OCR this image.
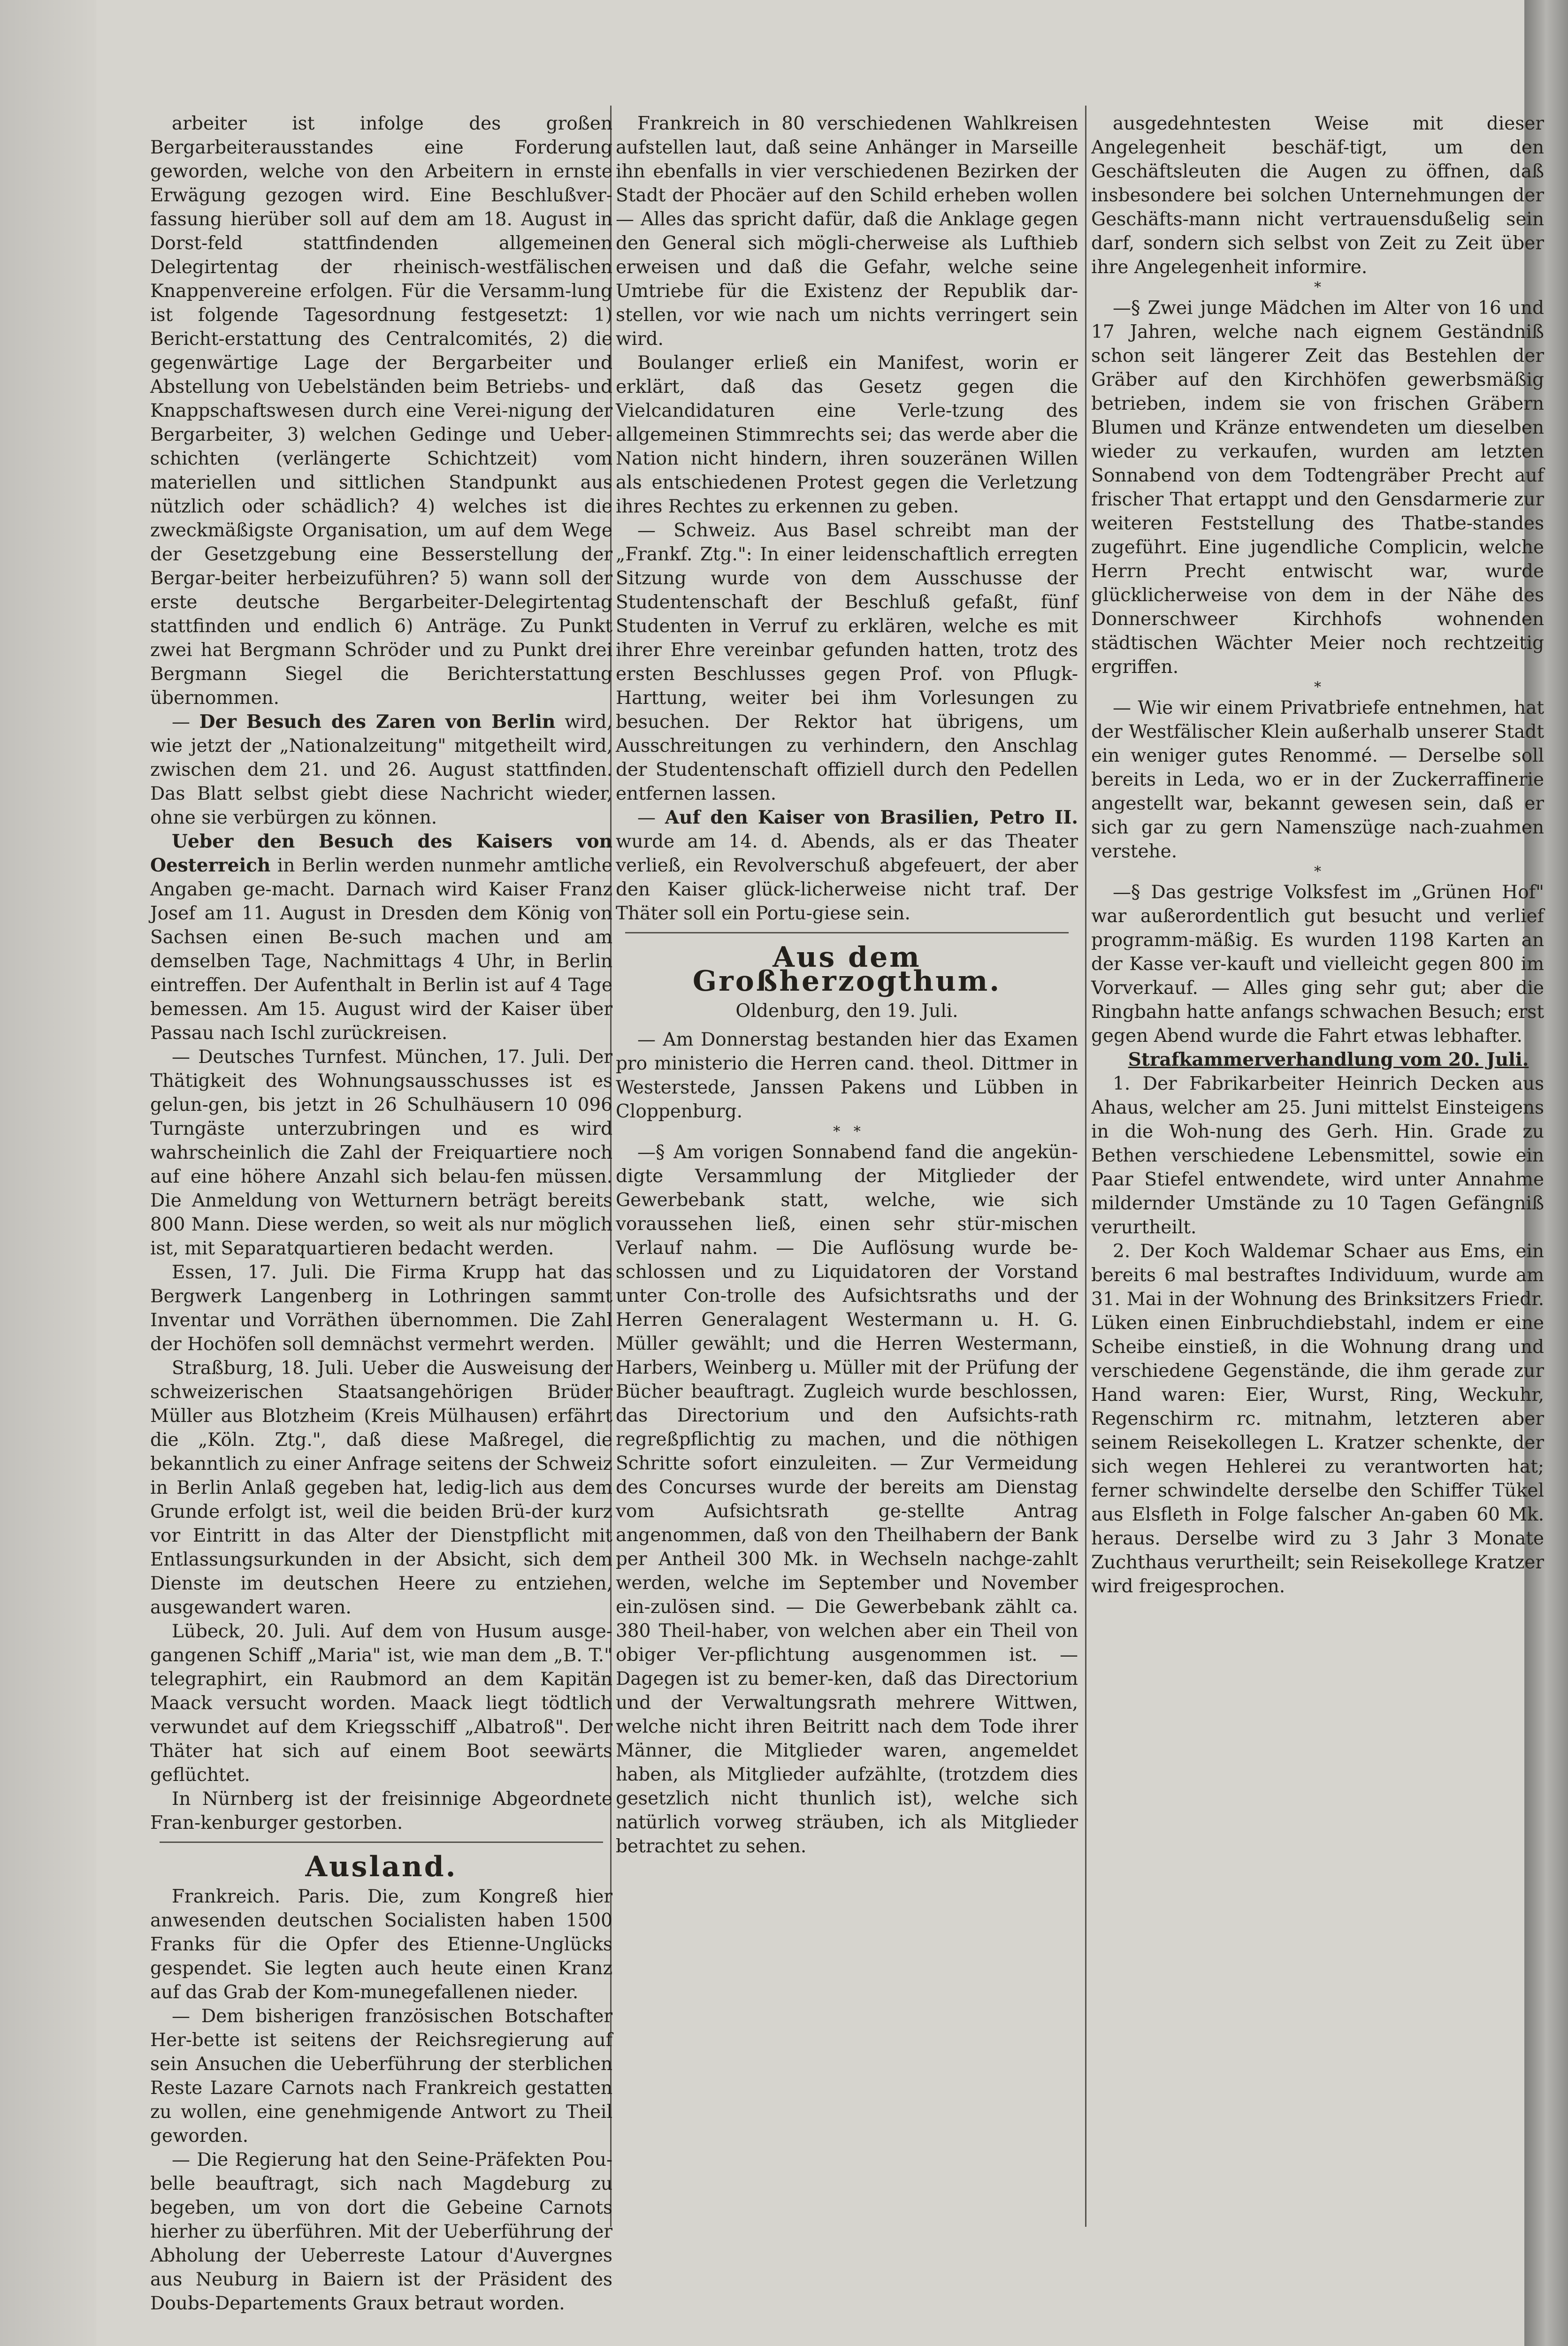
arbeiter ist infolge des großen Bergarbeiterausstandes eine Forderung geworden, welche von den Arbeitern in ernste Erwägung gezogen wird. Eine Beschlußver-fassung hierüber soll auf dem am 18. August in Dorst-feld stattfindenden allgemeinen Delegirtentag der rheinisch-westfälischen Knappenvereine erfolgen. Für die Versamm-lung ist folgende Tagesordnung festgesetzt: 1) Bericht-erstattung des Centralcomités, 2) die gegenwärtige Lage der Bergarbeiter und Abstellung von Uebelständen beim Betriebs- und Knappschaftswesen durch eine Verei-nigung der Bergarbeiter, 3) welchen Gedinge und Ueber-schichten (verlängerte Schichtzeit) vom materiellen und sittlichen Standpunkt aus nützlich oder schädlich? 4) welches ist die zweckmäßigste Organisation, um auf dem Wege der Gesetzgebung eine Besserstellung der Bergar-beiter herbeizuführen? 5) wann soll der erste deutsche Bergarbeiter-Delegirtentag stattfinden und endlich 6) Anträge. Zu Punkt zwei hat Bergmann Schröder und zu Punkt drei Bergmann Siegel die Berichterstattung übernommen.

— Der Besuch des Zaren von Berlin wird, wie jetzt der „Nationalzeitung" mitgetheilt wird, zwischen dem 21. und 26. August stattfinden. Das Blatt selbst giebt diese Nachricht wieder, ohne sie verbürgen zu können.

Ueber den Besuch des Kaisers von Oesterreich in Berlin werden nunmehr amtliche Angaben ge-macht. Darnach wird Kaiser Franz Josef am 11. August in Dresden dem König von Sachsen einen Be-such machen und am demselben Tage, Nachmittags 4 Uhr, in Berlin eintreffen. Der Aufenthalt in Berlin ist auf 4 Tage bemessen. Am 15. August wird der Kaiser über Passau nach Ischl zurückreisen.

— Deutsches Turnfest. München, 17. Juli. Der Thätigkeit des Wohnungsausschusses ist es gelun-gen, bis jetzt in 26 Schulhäusern 10 096 Turngäste unterzubringen und es wird wahrscheinlich die Zahl der Freiquartiere noch auf eine höhere Anzahl sich belau-fen müssen. Die Anmeldung von Wetturnern beträgt bereits 800 Mann. Diese werden, so weit als nur möglich ist, mit Separatquartieren bedacht werden.

Essen, 17. Juli. Die Firma Krupp hat das Bergwerk Langenberg in Lothringen sammt Inventar und Vorräthen übernommen. Die Zahl der Hochöfen soll demnächst vermehrt werden.

Straßburg, 18. Juli. Ueber die Ausweisung der schweizerischen Staatsangehörigen Brüder Müller aus Blotzheim (Kreis Mülhausen) erfährt die „Köln. Ztg.", daß diese Maßregel, die bekanntlich zu einer Anfrage seitens der Schweiz in Berlin Anlaß gegeben hat, ledig-lich aus dem Grunde erfolgt ist, weil die beiden Brü-der kurz vor Eintritt in das Alter der Dienstpflicht mit Entlassungsurkunden in der Absicht, sich dem Dienste im deutschen Heere zu entziehen, ausgewandert waren.

Lübeck, 20. Juli. Auf dem von Husum ausge-gangenen Schiff „Maria" ist, wie man dem „B. T." telegraphirt, ein Raubmord an dem Kapitän Maack versucht worden. Maack liegt tödtlich verwundet auf dem Kriegsschiff „Albatroß". Der Thäter hat sich auf einem Boot seewärts geflüchtet.

In Nürnberg ist der freisinnige Abgeordnete Fran-kenburger gestorben.

Ausland.

Frankreich. Paris. Die, zum Kongreß hier anwesenden deutschen Socialisten haben 1500 Franks für die Opfer des Etienne-Unglücks gespendet. Sie legten auch heute einen Kranz auf das Grab der Kom-munegefallenen nieder.

— Dem bisherigen französischen Botschafter Her-bette ist seitens der Reichsregierung auf sein Ansuchen die Ueberführung der sterblichen Reste Lazare Carnots nach Frankreich gestatten zu wollen, eine genehmigende Antwort zu Theil geworden.

— Die Regierung hat den Seine-Präfekten Pou-belle beauftragt, sich nach Magdeburg zu begeben, um von dort die Gebeine Carnots hierher zu überführen. Mit der Ueberführung der Abholung der Ueberreste Latour d'Auvergnes aus Neuburg in Baiern ist der Präsident des Doubs-Departements Graux betraut worden.

Frankreich in 80 verschiedenen Wahlkreisen aufstellen laut, daß seine Anhänger in Marseille ihn ebenfalls in vier verschiedenen Bezirken der Stadt der Phocäer auf den Schild erheben wollen — Alles das spricht dafür, daß die Anklage gegen den General sich mögli-cherweise als Lufthieb erweisen und daß die Gefahr, welche seine Umtriebe für die Existenz der Republik dar-stellen, vor wie nach um nichts verringert sein wird.

Boulanger erließ ein Manifest, worin er erklärt, daß das Gesetz gegen die Vielcandidaturen eine Verle-tzung des allgemeinen Stimmrechts sei; das werde aber die Nation nicht hindern, ihren souzeränen Willen als entschiedenen Protest gegen die Verletzung ihres Rechtes zu erkennen zu geben.

— Schweiz. Aus Basel schreibt man der „Frankf. Ztg.": In einer leidenschaftlich erregten Sitzung wurde von dem Ausschusse der Studentenschaft der Beschluß gefaßt, fünf Studenten in Verruf zu erklären, welche es mit ihrer Ehre vereinbar gefunden hatten, trotz des ersten Beschlusses gegen Prof. von Pflugk-Harttung, weiter bei ihm Vorlesungen zu besuchen. Der Rektor hat übrigens, um Ausschreitungen zu verhindern, den Anschlag der Studentenschaft offiziell durch den Pedellen entfernen lassen.

— Auf den Kaiser von Brasilien, Petro II. wurde am 14. d. Abends, als er das Theater verließ, ein Revolverschuß abgefeuert, der aber den Kaiser glück-licherweise nicht traf. Der Thäter soll ein Portu-giese sein.

Aus dem Großherzogthum.
Oldenburg, den 19. Juli.

— Am Donnerstag bestanden hier das Examen pro ministerio die Herren cand. theol. Dittmer in Westerstede, Janssen Pakens und Lübben in Cloppenburg.

*   *

—§ Am vorigen Sonnabend fand die angekün-digte Versammlung der Mitglieder der Gewerbebank statt, welche, wie sich voraussehen ließ, einen sehr stür-mischen Verlauf nahm. — Die Auflösung wurde be-schlossen und zu Liquidatoren der Vorstand unter Con-trolle des Aufsichtsraths und der Herren Generalagent Westermann u. H. G. Müller gewählt; und die Herren Westermann, Harbers, Weinberg u. Müller mit der Prüfung der Bücher beauftragt. Zugleich wurde beschlossen, das Directorium und den Aufsichts-rath regreßpflichtig zu machen, und die nöthigen Schritte sofort einzuleiten. — Zur Vermeidung des Concurses wurde der bereits am Dienstag vom Aufsichtsrath ge-stellte Antrag angenommen, daß von den Theilhabern der Bank per Antheil 300 Mk. in Wechseln nachge-zahlt werden, welche im September und November ein-zulösen sind. — Die Gewerbebank zählt ca. 380 Theil-haber, von welchen aber ein Theil von obiger Ver-pflichtung ausgenommen ist. — Dagegen ist zu bemer-ken, daß das Directorium und der Verwaltungsrath mehrere Wittwen, welche nicht ihren Beitritt nach dem Tode ihrer Männer, die Mitglieder waren, angemeldet haben, als Mitglieder aufzählte, (trotzdem dies gesetzlich nicht thunlich ist), welche sich natürlich vorweg sträuben, ich als Mitglieder betrachtet zu sehen.

ausgedehntesten Weise mit dieser Angelegenheit beschäf-tigt, um den Geschäftsleuten die Augen zu öffnen, daß insbesondere bei solchen Unternehmungen der Geschäfts-mann nicht vertrauensdußelig sein darf, sondern sich selbst von Zeit zu Zeit über ihre Angelegenheit informire.

*

—§ Zwei junge Mädchen im Alter von 16 und 17 Jahren, welche nach eignem Geständniß schon seit längerer Zeit das Bestehlen der Gräber auf den Kirchhöfen gewerbsmäßig betrieben, indem sie von frischen Gräbern Blumen und Kränze entwendeten um dieselben wieder zu verkaufen, wurden am letzten Sonnabend von dem Todtengräber Precht auf frischer That ertappt und den Gensdarmerie zur weiteren Feststellung des Thatbe-standes zugeführt. Eine jugendliche Complicin, welche Herrn Precht entwischt war, wurde glücklicherweise von dem in der Nähe des Donnerschweer Kirchhofs wohnenden städtischen Wächter Meier noch rechtzeitig ergriffen.

*

— Wie wir einem Privatbriefe entnehmen, hat der Westfälischer Klein außerhalb unserer Stadt ein weniger gutes Renommé. — Derselbe soll bereits in Leda, wo er in der Zuckerraffinerie angestellt war, bekannt gewesen sein, daß er sich gar zu gern Namenszüge nach-zuahmen verstehe.

*

—§ Das gestrige Volksfest im „Grünen Hof" war außerordentlich gut besucht und verlief programm-mäßig. Es wurden 1198 Karten an der Kasse ver-kauft und vielleicht gegen 800 im Vorverkauf. — Alles ging sehr gut; aber die Ringbahn hatte anfangs schwachen Besuch; erst gegen Abend wurde die Fahrt etwas lebhafter.

Strafkammerverhandlung vom 20. Juli.

1. Der Fabrikarbeiter Heinrich Decken aus Ahaus, welcher am 25. Juni mittelst Einsteigens in die Woh-nung des Gerh. Hin. Grade zu Bethen verschiedene Lebensmittel, sowie ein Paar Stiefel entwendete, wird unter Annahme mildernder Umstände zu 10 Tagen Gefängniß verurtheilt.

2. Der Koch Waldemar Schaer aus Ems, ein bereits 6 mal bestraftes Individuum, wurde am 31. Mai in der Wohnung des Brinksitzers Friedr. Lüken einen Einbruchdiebstahl, indem er eine Scheibe einstieß, in die Wohnung drang und verschiedene Gegenstände, die ihm gerade zur Hand waren: Eier, Wurst, Ring, Weckuhr, Regenschirm rc. mitnahm, letzteren aber seinem Reisekollegen L. Kratzer schenkte, der sich wegen Hehlerei zu verantworten hat; ferner schwindelte derselbe den Schiffer Tükel aus Elsfleth in Folge falscher An-gaben 60 Mk. heraus. Derselbe wird zu 3 Jahr 3 Monate Zuchthaus verurtheilt; sein Reisekollege Kratzer wird freigesprochen.
